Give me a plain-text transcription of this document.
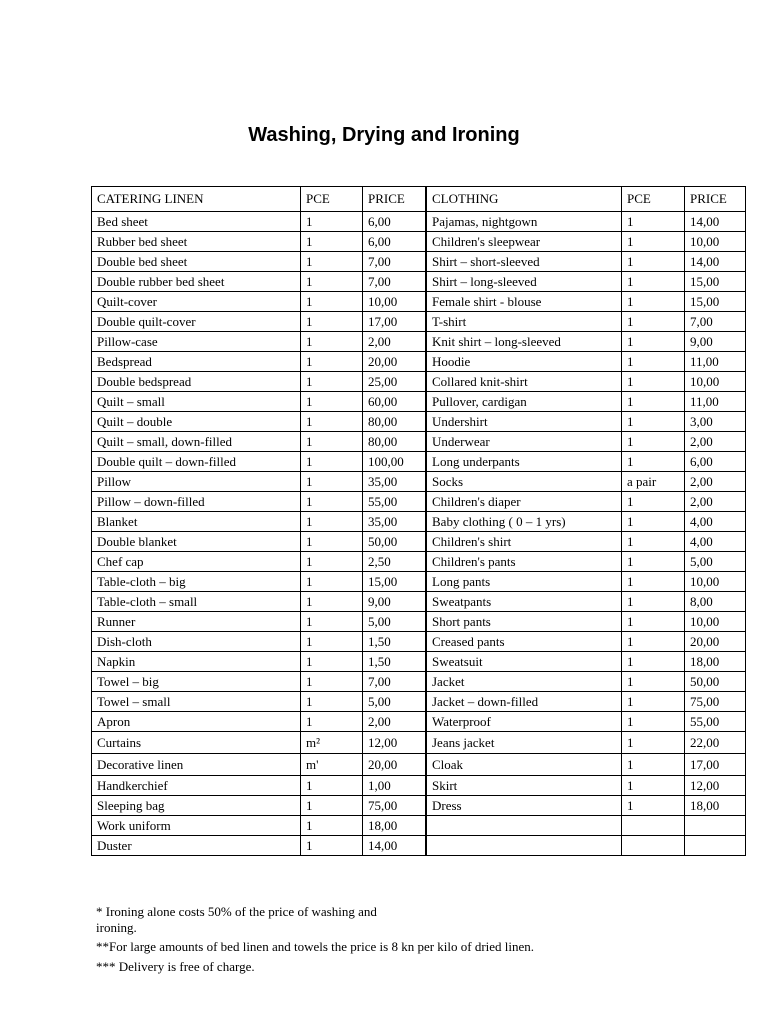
Washing, Drying and Ironing
CATERING LINEN	PCE	PRICE	CLOTHING	PCE	PRICE
Bed sheet	1	6,00	Pajamas, nightgown	1	14,00
Rubber bed sheet	1	6,00	Children's sleepwear	1	10,00
Double bed sheet	1	7,00	Shirt – short-sleeved	1	14,00
Double rubber bed sheet	1	7,00	Shirt – long-sleeved	1	15,00
Quilt-cover	1	10,00	Female shirt - blouse	1	15,00
Double quilt-cover	1	17,00	T-shirt	1	7,00
Pillow-case	1	2,00	Knit shirt – long-sleeved	1	9,00
Bedspread	1	20,00	Hoodie	1	11,00
Double bedspread	1	25,00	Collared knit-shirt	1	10,00
Quilt – small	1	60,00	Pullover, cardigan	1	11,00
Quilt – double	1	80,00	Undershirt	1	3,00
Quilt – small, down-filled	1	80,00	Underwear	1	2,00
Double quilt – down-filled	1	100,00	Long underpants	1	6,00
Pillow	1	35,00	Socks	a pair	2,00
Pillow – down-filled	1	55,00	Children's diaper	1	2,00
Blanket	1	35,00	Baby clothing ( 0 – 1 yrs)	1	4,00
Double blanket	1	50,00	Children's shirt	1	4,00
Chef cap	1	2,50	Children's pants	1	5,00
Table-cloth – big	1	15,00	Long pants	1	10,00
Table-cloth – small	1	9,00	Sweatpants	1	8,00
Runner	1	5,00	Short pants	1	10,00
Dish-cloth	1	1,50	Creased pants	1	20,00
Napkin	1	1,50	Sweatsuit	1	18,00
Towel – big	1	7,00	Jacket	1	50,00
Towel – small	1	5,00	Jacket – down-filled	1	75,00
Apron	1	2,00	Waterproof	1	55,00
Curtains	m²	12,00	Jeans jacket	1	22,00
Decorative linen	m'	20,00	Cloak	1	17,00
Handkerchief	1	1,00	Skirt	1	12,00
Sleeping bag	1	75,00	Dress	1	18,00
Work uniform	1	18,00			
Duster	1	14,00			
* Ironing alone costs 50% of the price of washing and ironing.
**For large amounts of bed linen and towels the price is 8 kn per kilo of dried linen.
*** Delivery is free of charge.
